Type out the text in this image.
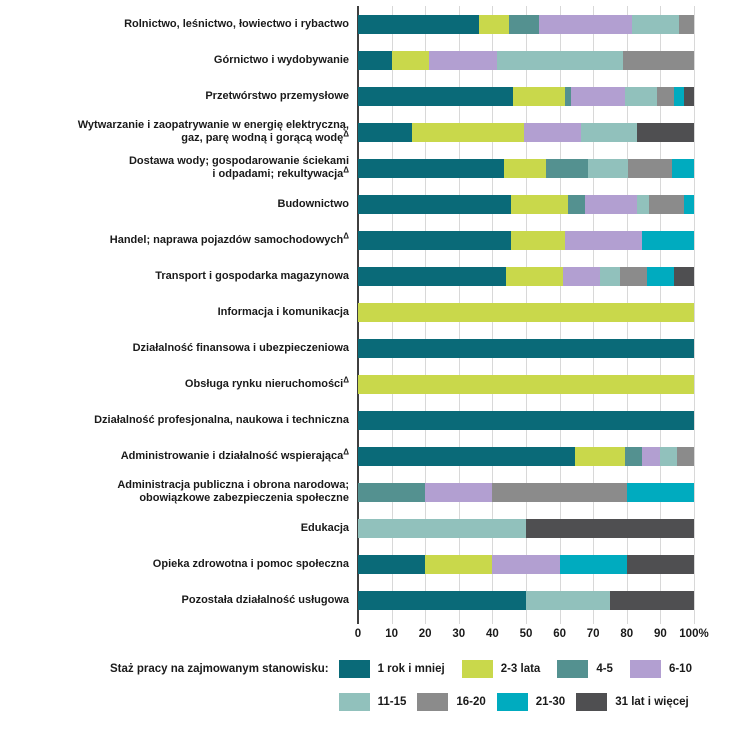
Rolnictwo, leśnictwo, łowiectwo i rybactwo
Górnictwo i wydobywanie
Przetwórstwo przemysłowe
Wytwarzanie i zaopatrywanie w energię elektryczną,
gaz, parę wodną i gorącą wodę$^\Delta$
Dostawa wody; gospodarowanie ściekami
i odpadami; rekultywacja$^\Delta$
Budownictwo
Handel; naprawa pojazdów samochodowych$^\Delta$
Transport i gospodarka magazynowa
Informacja i komunikacja
Działalność finansowa i ubezpieczeniowa
Obsługa rynku nieruchomości$^\Delta$
Działalność profesjonalna, naukowa i techniczna
Administrowanie i działalność wspierająca$^\Delta$
Administracja publiczna i obrona narodowa;
obowiązkowe zabezpieczenia społeczne
Edukacja
Opieka zdrowotna i pomoc społeczna
Pozostała działalność usługowa
0 10 20 30 40 50 60 70 80 90 100%
Staż pracy na zajmowanym stanowisku:	1 rok i mniej	2-3 lata	4-5	6-10
11-15	16-20	21-30	31 lat i więcej
